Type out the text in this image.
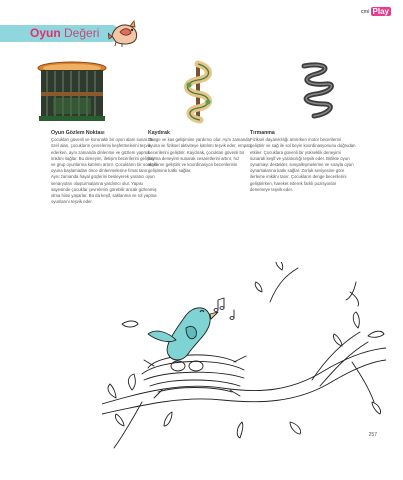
cmi Play
Oyun Değeri
Oyun Gözlem Noktası

Çocukları güvenli ve korunaklı bir oyun alanı sunar. Bu özel alan, çocukların çevrelerini keşfetmelerini teşvik ederken, aynı zamanda dinlenme ve gözlem yapma imkânı sağlar. Bu deneyim, iletişim becerilerini geliştirir ve grup oyunlarına katılımı artırır. Çocukların bir sonraki oyuna başlamadan önce dinlenmelerine fırsat tanır. Aynı zamanda hayal güçlerini besleyerek yaratıcı oyun senaryoları oluşturmalarına yardımcı olur. Yapısı sayesinde çocuklar çevrelerini görebilir ancak gizlenmiş olma hissi yaşarlar. Bu da keşif, saklanma ve rol yapma oyunlarını teşvik eder.

Kaydırak

Denge ve kas gelişimine yardımcı olur. Aynı zamanda oyuna ve fiziksel aktiviteye katılımı teşvik eder, empati becerilerini geliştirir. Kaydırak, çocukları güvenli bir kayma deneyimi sunarak cesaretlerini artırır, hız algılarını geliştirir ve koordinasyon becerilerinin gelişimine katkı sağlar.

Tırmanma

Fiziksel dayanıklılığı artırırken motor becerilerini geliştirir ve sağ ile sol beyin koordinasyonunu doğrudan etkiler. Çocuklara güvenli bir yükseklik deneyimi sunarak keşif ve yaratıcılığı teşvik eder. Birlikte oyun oynamayı destekler, sosyalleşmelerine ve sırayla oyun oynamalarına katkı sağlar. Zorluk seviyesine göre ilerleme imkânı tanır. Çocukların denge becerilerini geliştirirken, hareket ederek farklı pozisyonlar denemeye teşvik eder.

257
